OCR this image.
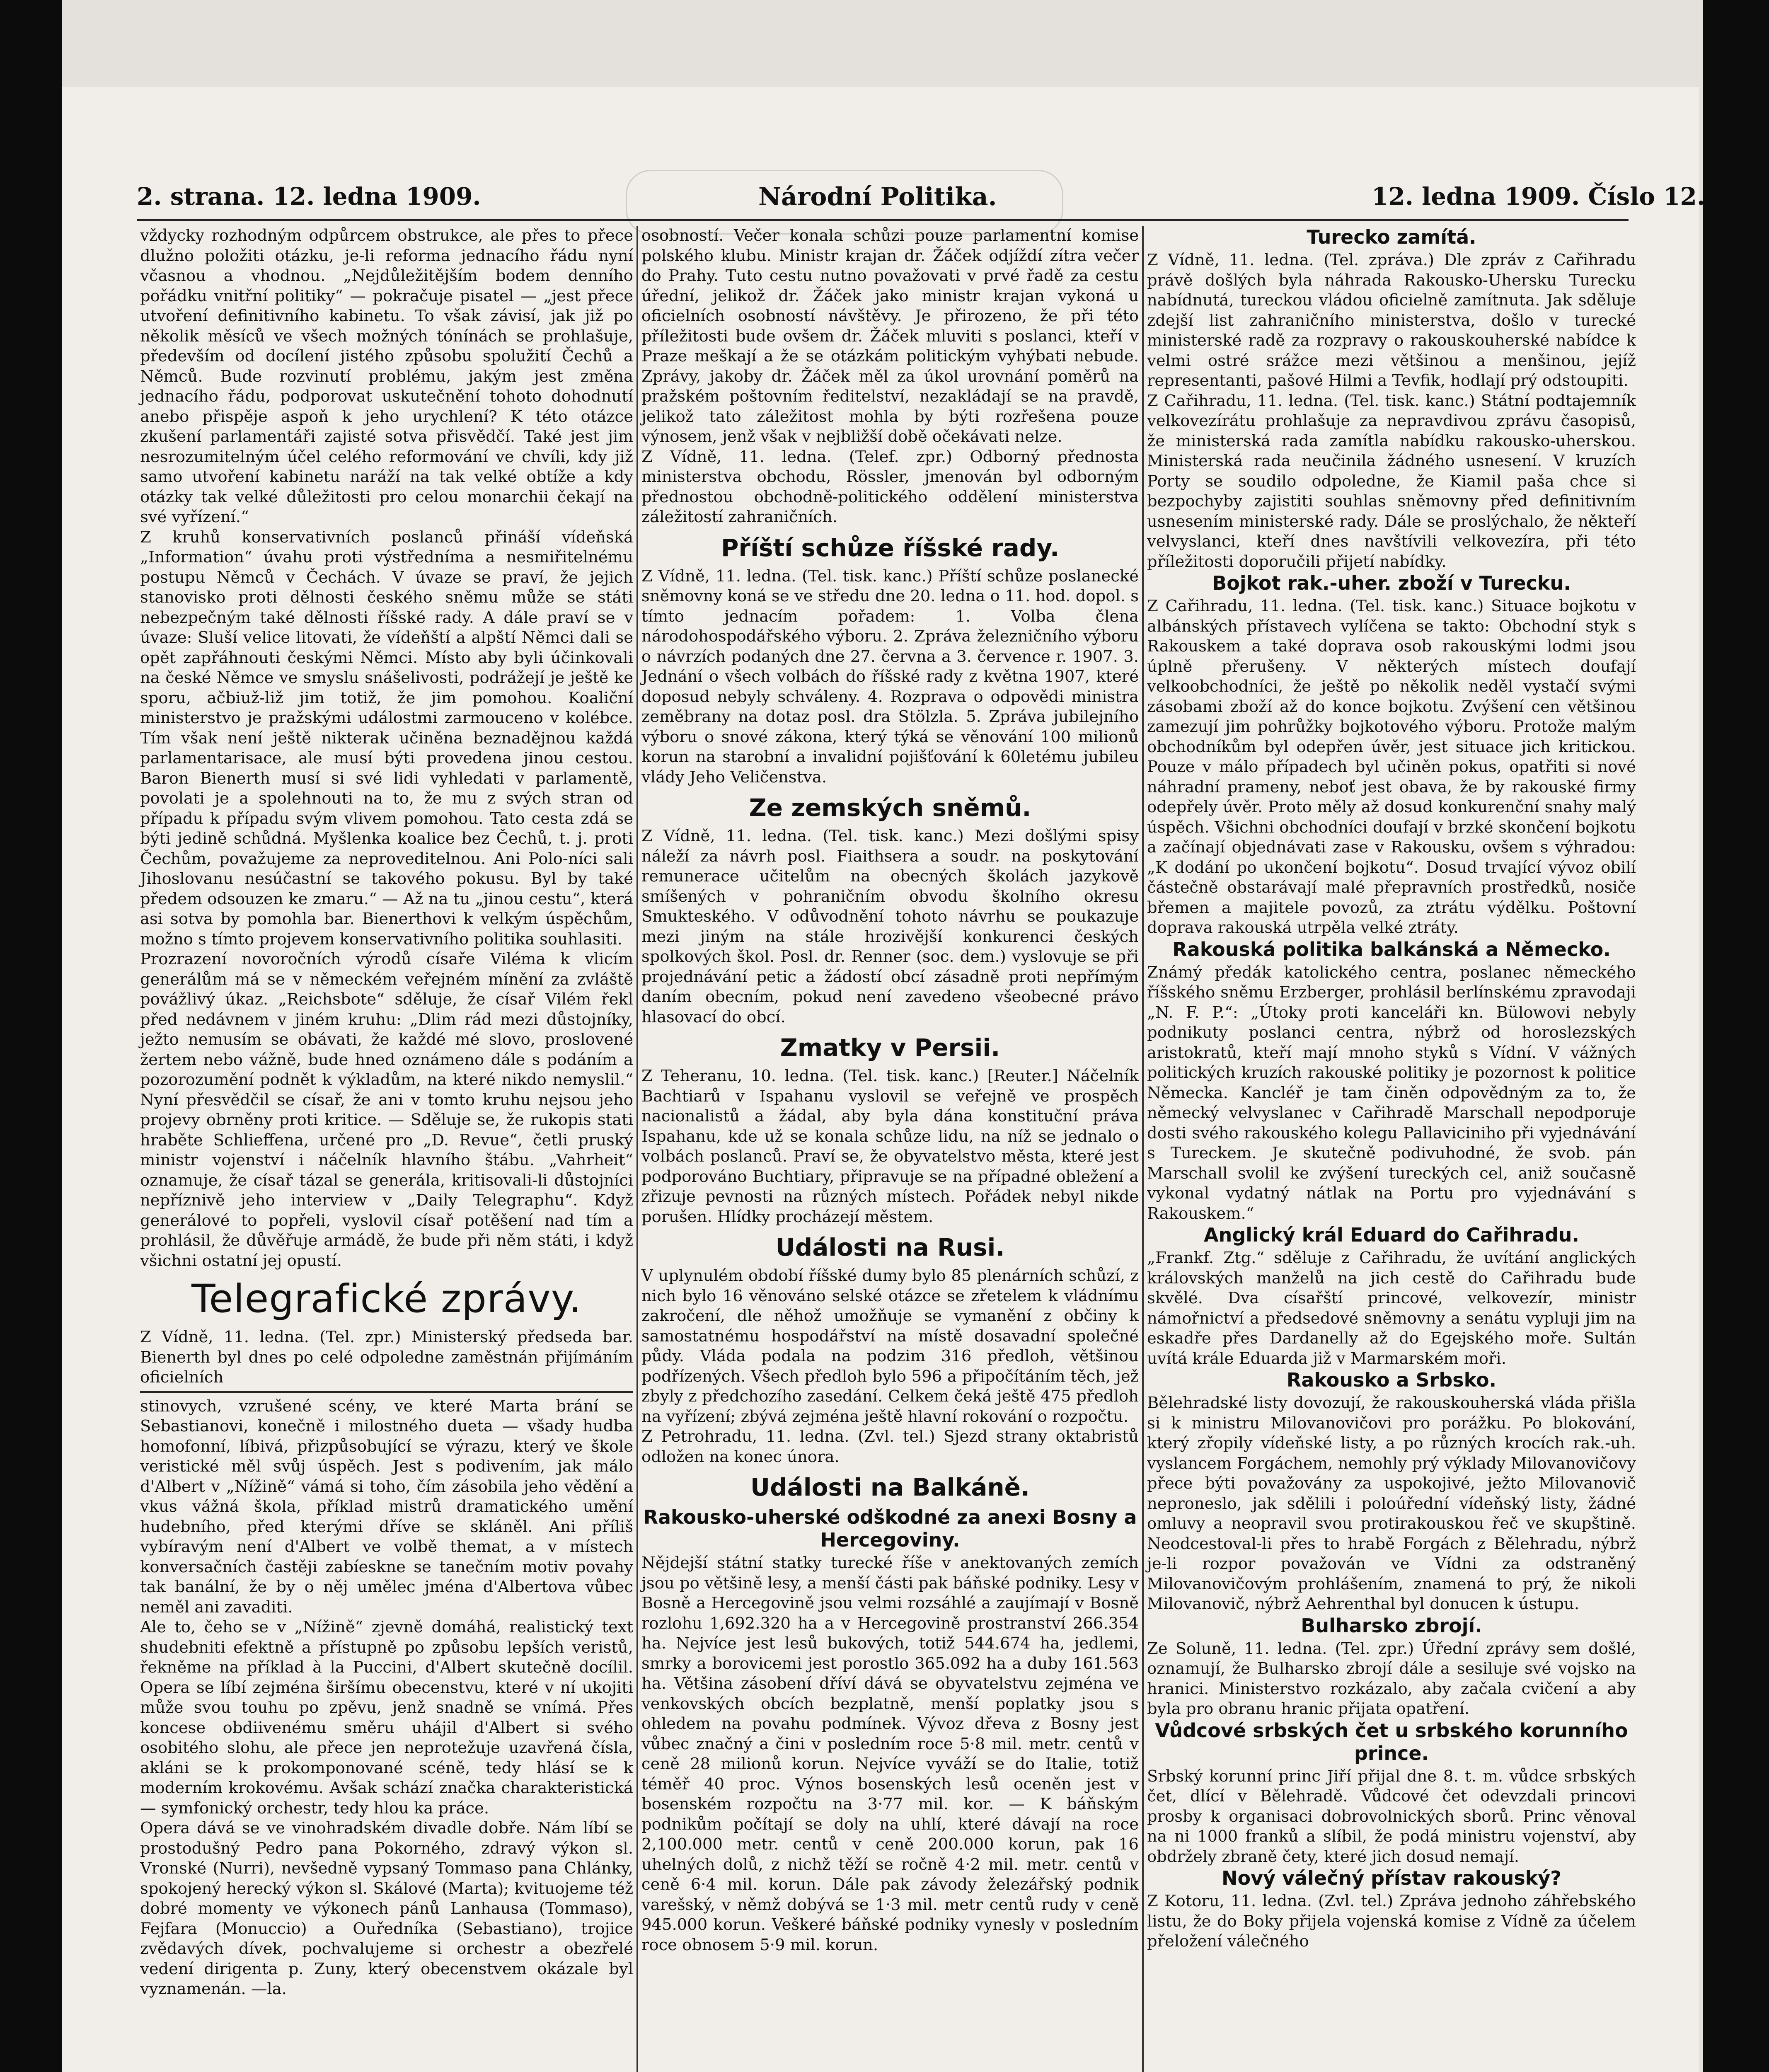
2. strana. 12. ledna 1909.	Národní Politika.	12. ledna 1909. Číslo 12.

vždycky rozhodným odpůrcem obstrukce, ale přes to přece dlužno položiti otázku, je-li reforma jednacího řádu nyní včasnou a vhodnou. „Nejdůležitějším bodem denního pořádku vnitřní politiky“ — pokračuje pisatel — „jest přece utvoření definitivního kabinetu. To však závisí, jak již po několik měsíců ve všech možných tónínách se prohlašuje, především od docílení jistého způsobu spolužití Čechů a Němců. Bude rozvinutí problému, jakým jest změna jednacího řádu, podporovat uskutečnění tohoto dohodnutí anebo přispěje aspoň k jeho urychlení? K této otázce zkušení parlamentáři zajisté sotva přisvědčí. Také jest jim nesrozumitelným účel celého reformování ve chvíli, kdy již samo utvoření kabinetu naráží na tak velké obtíže a kdy otázky tak velké důležitosti pro celou monarchii čekají na své vyřízení.“

Z kruhů konservativních poslanců přináší vídeňská „Information“ úvahu proti výstředníma a nesmiřitelnému postupu Němců v Čechách. V úvaze se praví, že jejich stanovisko proti dělnosti českého sněmu může se státi nebezpečným také dělnosti říšské rady. A dále praví se v úvaze: Sluší velice litovati, že vídeňští a alpští Němci dali se opět zapřáhnouti českými Němci. Místo aby byli účinkovali na české Němce ve smyslu snášelivosti, podrážejí je ještě ke sporu, ačbiuž-liž jim totiž, že jim pomohou. Koaliční ministerstvo je pražskými událostmi zarmouceno v kolébce. Tím však není ještě nikterak učiněna beznadějnou každá parlamentarisace, ale musí býti provedena jinou cestou. Baron Bienerth musí si své lidi vyhledati v parlamentě, povolati je a spolehnouti na to, že mu z svých stran od případu k případu svým vlivem pomohou. Tato cesta zdá se býti jedině schůdná. Myšlenka koalice bez Čechů, t. j. proti Čechům, považujeme za neproveditelnou. Ani Polo-níci sali Jihoslovanu nesúčastní se takového pokusu. Byl by také předem odsouzen ke zmaru.“ — Až na tu „jinou cestu“, která asi sotva by pomohla bar. Bienerthovi k velkým úspěchům, možno s tímto projevem konservativního politika souhlasiti.

Prozrazení novoročních výrodů císaře Viléma k vlicím generálům má se v německém veřejném mínění za zvláště povážlivý úkaz. „Reichsbote“ sděluje, že císař Vilém řekl před nedávnem v jiném kruhu: „Dlim rád mezi důstojníky, ježto nemusím se obávati, že každé mé slovo, proslovené žertem nebo vážně, bude hned oznámeno dále s podáním a pozorozumění podnět k výkladům, na které nikdo nemyslil.“ Nyní přesvědčil se císař, že ani v tomto kruhu nejsou jeho projevy obrněny proti kritice. — Sděluje se, že rukopis stati hraběte Schlieffena, určené pro „D. Revue“, četli pruský ministr vojenství i náčelník hlavního štábu. „Vahrheit“ oznamuje, že císař tázal se generála, kritisovali-li důstojníci nepříznivě jeho interview v „Daily Telegraphu“. Když generálové to popřeli, vyslovil císař potěšení nad tím a prohlásil, že důvěřuje armádě, že bude při něm státi, i když všichni ostatní jej opustí.

Telegrafické zprávy.

Z Vídně, 11. ledna. (Tel. zpr.) Ministerský předseda bar. Bienerth byl dnes po celé odpoledne zaměstnán přijímáním oficielních

stinovych, vzrušené scény, ve které Marta brání se Sebastianovi, konečně i milostného dueta — všady hudba homofonní, líbivá, přizpůsobující se výrazu, který ve škole veristické měl svůj úspěch. Jest s podivením, jak málo d'Albert v „Nížině“ vámá si toho, čím zásobila jeho vědění a vkus vážná škola, příklad mistrů dramatického umění hudebního, před kterými dříve se skláněl. Ani příliš vybíravým není d'Albert ve volbě themat, a v místech konversačních častěji zabíeskne se tanečním motiv povahy tak banální, že by o něj umělec jména d'Albertova vůbec neměl ani zavaditi.

Ale to, čeho se v „Nížině“ zjevně domáhá, realistický text shudebniti efektně a přístupně po způsobu lepších veristů, řekněme na příklad à la Puccini, d'Albert skutečně docílil. Opera se líbí zejména širšímu obecenstvu, které v ní ukojiti může svou touhu po zpěvu, jenž snadně se vnímá. Přes koncese obdiivenému směru uhájil d'Albert si svého osobitého slohu, ale přece jen neprotežuje uzavřená čísla, akláni se k prokomponované scéně, tedy hlásí se k moderním krokovému. Avšak schází značka charakteristická — symfonický orchestr, tedy hlou ka práce.

Opera dává se ve vinohradském divadle dobře. Nám líbí se prostodušný Pedro pana Pokorného, zdravý výkon sl. Vronské (Nurri), nevšedně vypsaný Tommaso pana Chlánky, spokojený herecký výkon sl. Skálové (Marta); kvituojeme též dobré momenty ve výkonech pánů Lanhausa (Tommaso), Fejfara (Monuccio) a Ouředníka (Sebastiano), trojice zvědavých dívek, pochvalujeme si orchestr a obezřelé vedení dirigenta p. Zuny, který obecenstvem okázale byl vyznamenán. —la.

osobností. Večer konala schůzi pouze parlamentní komise polského klubu. Ministr krajan dr. Žáček odjíždí zítra večer do Prahy. Tuto cestu nutno považovati v prvé řadě za cestu úřední, jelikož dr. Žáček jako ministr krajan vykoná u oficielních osobností návštěvy. Je přirozeno, že při této příležitosti bude ovšem dr. Žáček mluviti s poslanci, kteří v Praze meškají a že se otázkám politickým vyhýbati nebude. Zprávy, jakoby dr. Žáček měl za úkol urovnání poměrů na pražském poštovním ředitelství, nezakládají se na pravdě, jelikož tato záležitost mohla by býti rozřešena pouze výnosem, jenž však v nejbližší době očekávati nelze.

Z Vídně, 11. ledna. (Telef. zpr.) Odborný přednosta ministerstva obchodu, Rössler, jmenován byl odborným přednostou obchodně-politického oddělení ministerstva záležitostí zahraničních.

Příští schůze říšské rady.

Z Vídně, 11. ledna. (Tel. tisk. kanc.) Příští schůze poslanecké sněmovny koná se ve středu dne 20. ledna o 11. hod. dopol. s tímto jednacím pořadem: 1. Volba člena národohospodářského výboru. 2. Zpráva železničního výboru o návrzích podaných dne 27. června a 3. července r. 1907. 3. Jednání o všech volbách do říšské rady z května 1907, které doposud nebyly schváleny. 4. Rozprava o odpovědi ministra zeměbrany na dotaz posl. dra Stölzla. 5. Zpráva jubilejního výboru o snové zákona, který týká se věnování 100 milionů korun na starobní a invalidní pojišťování k 60letému jubileu vlády Jeho Veličenstva.

Ze zemských sněmů.

Z Vídně, 11. ledna. (Tel. tisk. kanc.) Mezi došlými spisy náleží za návrh posl. Fiaithsera a soudr. na poskytování remunerace učitelům na obecných školách jazykově smíšených v pohraničním obvodu školního okresu Smukteského. V odůvodnění tohoto návrhu se poukazuje mezi jiným na stále hrozivější konkurenci českých spolkových škol. Posl. dr. Renner (soc. dem.) vyslovuje se při projednávání petic a žádostí obcí zásadně proti nepřímým daním obecním, pokud není zavedeno všeobecné právo hlasovací do obcí.

Zmatky v Persii.

Z Teheranu, 10. ledna. (Tel. tisk. kanc.) [Reuter.] Náčelník Bachtiarů v Ispahanu vyslovil se veřejně ve prospěch nacionalistů a žádal, aby byla dána konstituční práva Ispahanu, kde už se konala schůze lidu, na níž se jednalo o volbách poslanců. Praví se, že obyvatelstvo města, které jest podporováno Buchtiary, připravuje se na případné obležení a zřizuje pevnosti na různých místech. Pořádek nebyl nikde porušen. Hlídky procházejí městem.

Události na Rusi.

V uplynulém období říšské dumy bylo 85 plenárních schůzí, z nich bylo 16 věnováno selské otázce se zřetelem k vládnímu zakročení, dle něhož umožňuje se vymanění z občiny k samostatnému hospodářství na místě dosavadní společné půdy. Vláda podala na podzim 316 předloh, většinou podřízených. Všech předloh bylo 596 a připočítáním těch, jež zbyly z předchozího zasedání. Celkem čeká ještě 475 předloh na vyřízení; zbývá zejména ještě hlavní rokování o rozpočtu.

Z Petrohradu, 11. ledna. (Zvl. tel.) Sjezd strany oktabristů odložen na konec února.

Události na Balkáně.
Rakousko-uherské odškodné za anexi Bosny a Hercegoviny.

Nějdejší státní statky turecké říše v anektovaných zemích jsou po většině lesy, a menší části pak báňské podniky. Lesy v Bosně a Hercegovině jsou velmi rozsáhlé a zaujímají v Bosně rozlohu 1,692.320 ha a v Hercegovině prostranství 266.354 ha. Nejvíce jest lesů bukových, totiž 544.674 ha, jedlemi, smrky a borovicemi jest porostlo 365.092 ha a duby 161.563 ha. Většina zásobení dříví dává se obyvatelstvu zejména ve venkovských obcích bezplatně, menší poplatky jsou s ohledem na povahu podmínek. Vývoz dřeva z Bosny jest vůbec značný a čini v posledním roce 5·8 mil. metr. centů v ceně 28 milionů korun. Nejvíce vyváží se do Italie, totiž téměř 40 proc. Výnos bosenských lesů oceněn jest v bosenském rozpočtu na 3·77 mil. kor. — K báňským podnikům počítají se doly na uhlí, které dávají na roce 2,100.000 metr. centů v ceně 200.000 korun, pak 16 uhelných dolů, z nichž těží se ročně 4·2 mil. metr. centů v ceně 6·4 mil. korun. Dále pak závody železářský podnik varešský, v němž dobývá se 1·3 mil. metr centů rudy v ceně 945.000 korun. Veškeré báňské podniky vynesly v posledním roce obnosem 5·9 mil. korun.

Turecko zamítá.

Z Vídně, 11. ledna. (Tel. zpráva.) Dle zpráv z Cařihradu právě došlých byla náhrada Rakousko-Uhersku Turecku nabídnutá, tureckou vládou oficielně zamítnuta. Jak sděluje zdejší list zahraničního ministerstva, došlo v turecké ministerské radě za rozpravy o rakouskouherské nabídce k velmi ostré srážce mezi většinou a menšinou, jejíž representanti, pašové Hilmi a Tevfik, hodlají prý odstoupiti.

Z Cařihradu, 11. ledna. (Tel. tisk. kanc.) Státní podtajemník velkovezírátu prohlašuje za nepravdivou zprávu časopisů, že ministerská rada zamítla nabídku rakousko-uherskou. Ministerská rada neučinila žádného usnesení. V kruzích Porty se soudilo odpoledne, že Kiamil paša chce si bezpochyby zajistiti souhlas sněmovny před definitivním usnesením ministerské rady. Dále se proslýchalo, že někteří velvyslanci, kteří dnes navštívili velkovezíra, při této příležitosti doporučili přijetí nabídky.

Bojkot rak.-uher. zboží v Turecku.

Z Cařihradu, 11. ledna. (Tel. tisk. kanc.) Situace bojkotu v albánských přístavech vylíčena se takto: Obchodní styk s Rakouskem a také doprava osob rakouskými lodmi jsou úplně přerušeny. V některých místech doufají velkoobchodníci, že ještě po několik neděl vystačí svými zásobami zboží až do konce bojkotu. Zvýšení cen většinou zamezují jim pohrůžky bojkotového výboru. Protože malým obchodníkům byl odepřen úvěr, jest situace jich kritickou. Pouze v málo případech byl učiněn pokus, opatřiti si nové náhradní prameny, neboť jest obava, že by rakouské firmy odepřely úvěr. Proto měly až dosud konkurenční snahy malý úspěch. Všichni obchodníci doufají v brzké skončení bojkotu a začínají objednávati zase v Rakousku, ovšem s výhradou: „K dodání po ukončení bojkotu“. Dosud trvající vývoz obilí částečně obstarávají malé přepravních prostředků, nosiče břemen a majitele povozů, za ztrátu výdělku. Poštovní doprava rakouská utrpěla velké ztráty.

Rakouská politika balkánská a Německo.

Známý předák katolického centra, poslanec německého říšského sněmu Erzberger, prohlásil berlínskému zpravodaji „N. F. P.“: „Útoky proti kanceláři kn. Bülowovi nebyly podnikuty poslanci centra, nýbrž od horoslezských aristokratů, kteří mají mnoho styků s Vídní. V vážných politických kruzích rakouské politiky je pozornost k politice Německa. Kancléř je tam činěn odpovědným za to, že německý velvyslanec v Cařihradě Marschall nepodporuje dosti svého rakouského kolegu Pallaviciniho při vyjednávání s Tureckem. Je skutečně podivuhodné, že svob. pán Marschall svolil ke zvýšení tureckých cel, aniž současně vykonal vydatný nátlak na Portu pro vyjednávání s Rakouskem.“

Anglický král Eduard do Cařihradu.

„Frankf. Ztg.“ sděluje z Cařihradu, že uvítání anglických královských manželů na jich cestě do Cařihradu bude skvělé. Dva císařští princové, velkovezír, ministr námořnictví a předsedové sněmovny a senátu vypluji jim na eskadře přes Dardanelly až do Egejského moře. Sultán uvítá krále Eduarda již v Marmarském moři.

Rakousko a Srbsko.

Bělehradské listy dovozují, že rakouskouherská vláda přišla si k ministru Milovanovičovi pro porážku. Po blokování, který zřopily vídeňské listy, a po různých krocích rak.-uh. vyslancem Forgáchem, nemohly prý výklady Milovanovičovy přece býti považovány za uspokojivé, ježto Milovanovič neproneslo, jak sdělili i poloúřední vídeňský listy, žádné omluvy a neopravil svou protirakouskou řeč ve skupštině. Neodcestoval-li přes to hrabě Forgách z Bělehradu, nýbrž je-li rozpor považován ve Vídni za odstraněný Milovanovičovým prohlášením, znamená to prý, že nikoli Milovanovič, nýbrž Aehrenthal byl donucen k ústupu.

Bulharsko zbrojí.

Ze Soluně, 11. ledna. (Tel. zpr.) Úřední zprávy sem došlé, oznamují, že Bulharsko zbrojí dále a sesiluje své vojsko na hranici. Ministerstvo rozkázalo, aby začala cvičení a aby byla pro obranu hranic přijata opatření.

Vůdcové srbských čet u srbského korunního prince.

Srbský korunní princ Jiří přijal dne 8. t. m. vůdce srbských čet, dlící v Bělehradě. Vůdcové čet odevzdali princovi prosby k organisaci dobrovolnických sborů. Princ věnoval na ni 1000 franků a slíbil, že podá ministru vojenství, aby obdržely zbraně čety, které jich dosud nemají.

Nový válečný přístav rakouský?

Z Kotoru, 11. ledna. (Zvl. tel.) Zpráva jednoho záhřebského listu, že do Boky přijela vojenská komise z Vídně za účelem přeložení válečného
